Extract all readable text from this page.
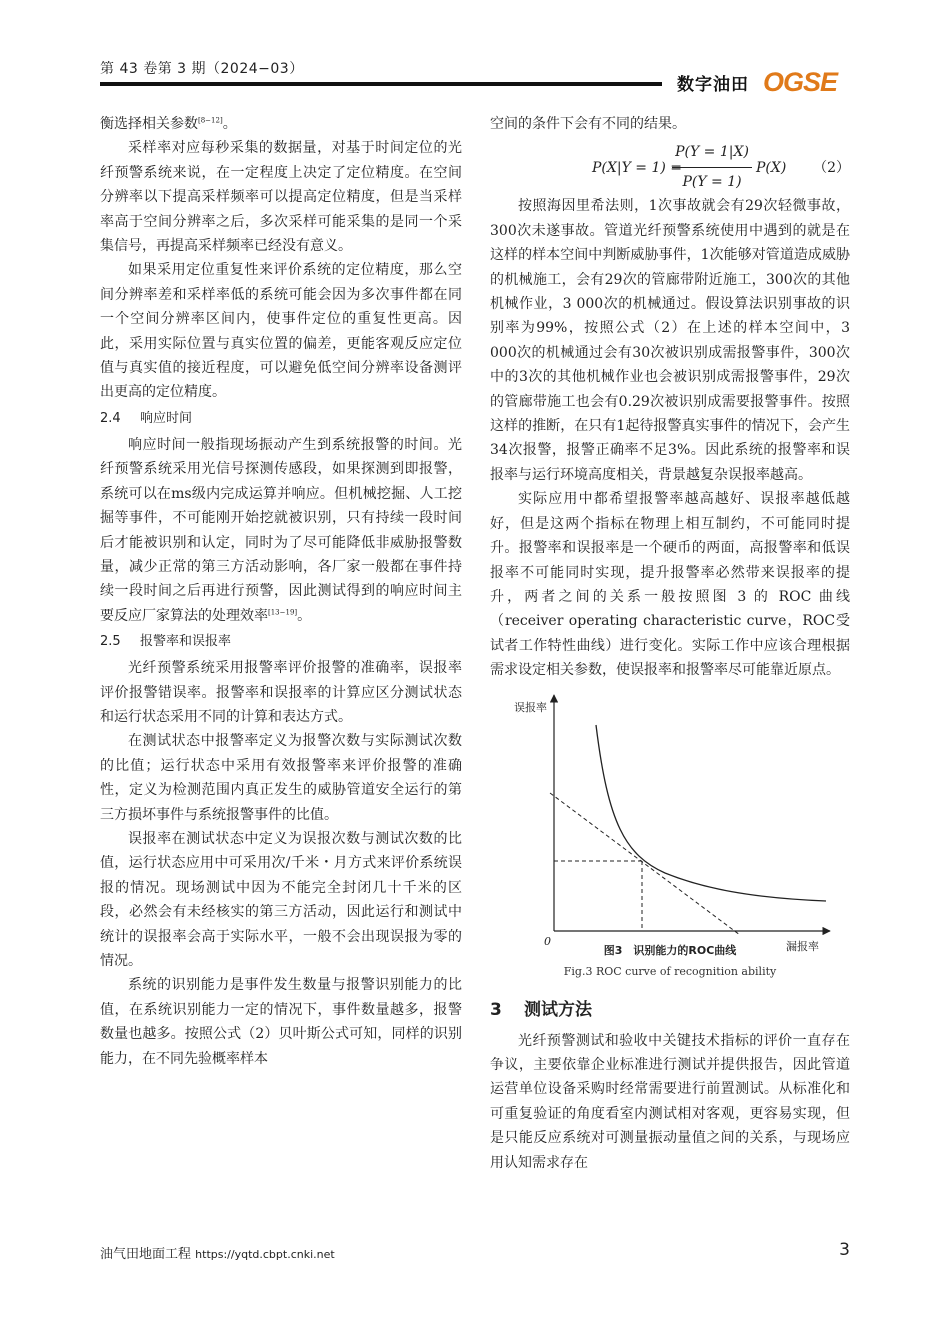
第 43 卷第 3 期（2024−03）
数字油田 OGSE

衡选择相关参数[8−12]。

采样率对应每秒采集的数据量，对基于时间定位的光纤预警系统来说，在一定程度上决定了定位精度。在空间分辨率以下提高采样频率可以提高定位精度，但是当采样率高于空间分辨率之后，多次采样可能采集的是同一个采集信号，再提高采样频率已经没有意义。

如果采用定位重复性来评价系统的定位精度，那么空间分辨率差和采样率低的系统可能会因为多次事件都在同一个空间分辨率区间内，使事件定位的重复性更高。因此，采用实际位置与真实位置的偏差，更能客观反应定位值与真实值的接近程度，可以避免低空间分辨率设备测评出更高的定位精度。

2.4 响应时间

响应时间一般指现场振动产生到系统报警的时间。光纤预警系统采用光信号探测传感段，如果探测到即报警，系统可以在ms级内完成运算并响应。但机械挖掘、人工挖掘等事件，不可能刚开始挖就被识别，只有持续一段时间后才能被识别和认定，同时为了尽可能降低非威胁报警数量，减少正常的第三方活动影响，各厂家一般都在事件持续一段时间之后再进行预警，因此测试得到的响应时间主要反应厂家算法的处理效率[13−19]。

2.5 报警率和误报率

光纤预警系统采用报警率评价报警的准确率，误报率评价报警错误率。报警率和误报率的计算应区分测试状态和运行状态采用不同的计算和表达方式。

在测试状态中报警率定义为报警次数与实际测试次数的比值；运行状态中采用有效报警率来评价报警的准确性，定义为检测范围内真正发生的威胁管道安全运行的第三方损坏事件与系统报警事件的比值。

误报率在测试状态中定义为误报次数与测试次数的比值，运行状态应用中可采用次/千米・月方式来评价系统误报的情况。现场测试中因为不能完全封闭几十千米的区段，必然会有未经核实的第三方活动，因此运行和测试中统计的误报率会高于实际水平，一般不会出现误报为零的情况。

系统的识别能力是事件发生数量与报警识别能力的比值，在系统识别能力一定的情况下，事件数量越多，报警数量也越多。按照公式（2）贝叶斯公式可知，同样的识别能力，在不同先验概率样本

空间的条件下会有不同的结果。

P(X|Y = 1) =
P(Y = 1|X)
P(Y = 1)
P(X) （2）

按照海因里希法则，1次事故就会有29次轻微事故，300次未遂事故。管道光纤预警系统使用中遇到的就是在这样的样本空间中判断威胁事件，1次能够对管道造成威胁的机械施工，会有29次的管廊带附近施工，300次的其他机械作业，3 000次的机械通过。假设算法识别事故的识别率为99%，按照公式（2）在上述的样本空间中，3 000次的机械通过会有30次被识别成需报警事件，300次中的3次的其他机械作业也会被识别成需报警事件，29次的管廊带施工也会有0.29次被识别成需要报警事件。按照这样的推断，在只有1起待报警真实事件的情况下，会产生34次报警，报警正确率不足3%。因此系统的报警率和误报率与运行环境高度相关，背景越复杂误报率越高。

实际应用中都希望报警率越高越好、误报率越低越好，但是这两个指标在物理上相互制约，不可能同时提升。报警率和误报率是一个硬币的两面，高报警率和低误报率不可能同时实现，提升报警率必然带来误报率的提升，两者之间的关系一般按照图 3 的 ROC 曲线（receiver operating characteristic curve，ROC受试者工作特性曲线）进行变化。实际工作中应该合理根据需求设定相关参数，使误报率和报警率尽可能靠近原点。

误报率
漏报率
0
图3　识别能力的ROC曲线
Fig.3 ROC curve of recognition ability
3 测试方法

光纤预警测试和验收中关键技术指标的评价一直存在争议，主要依靠企业标准进行测试并提供报告，因此管道运营单位设备采购时经常需要进行前置测试。从标准化和可重复验证的角度看室内测试相对客观，更容易实现，但是只能反应系统对可测量振动量值之间的关系，与现场应用认知需求存在

油气田地面工程 https://yqtd.cbpt.cnki.net	3
